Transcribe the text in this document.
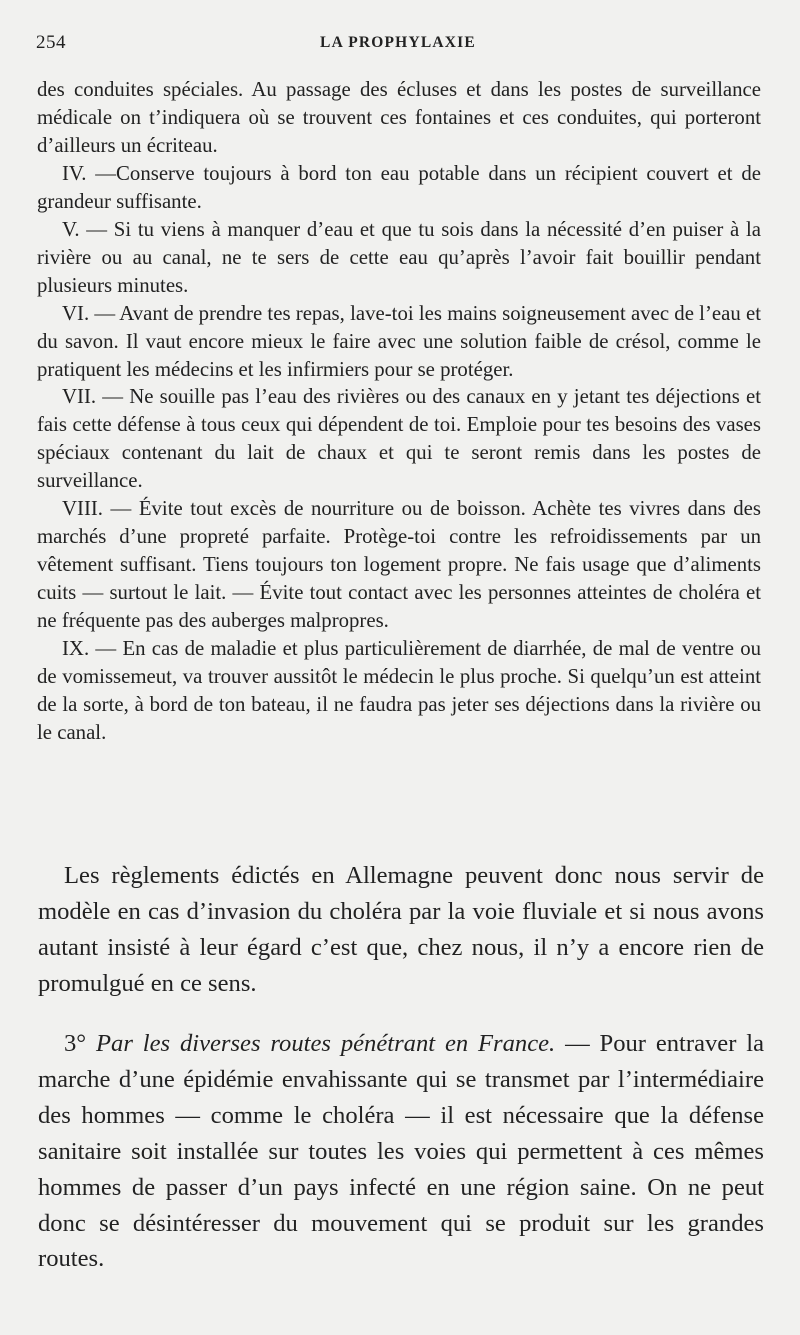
254	LA PROPHYLAXIE

des conduites spéciales. Au passage des écluses et dans les postes de surveillance médicale on t’indiquera où se trouvent ces fontaines et ces conduites, qui porteront d’ailleurs un écriteau.

IV. —Conserve toujours à bord ton eau potable dans un récipient couvert et de grandeur suffisante.

V. — Si tu viens à manquer d’eau et que tu sois dans la nécessité d’en puiser à la rivière ou au canal, ne te sers de cette eau qu’après l’avoir fait bouillir pendant plusieurs minutes.

VI. — Avant de prendre tes repas, lave-toi les mains soigneusement avec de l’eau et du savon. Il vaut encore mieux le faire avec une solution faible de crésol, comme le pratiquent les médecins et les infirmiers pour se protéger.

VII. — Ne souille pas l’eau des rivières ou des canaux en y jetant tes déjections et fais cette défense à tous ceux qui dépendent de toi. Emploie pour tes besoins des vases spéciaux contenant du lait de chaux et qui te seront remis dans les postes de surveillance.

VIII. — Évite tout excès de nourriture ou de boisson. Achète tes vivres dans des marchés d’une propreté parfaite. Protège-toi contre les refroidissements par un vêtement suffisant. Tiens toujours ton logement propre. Ne fais usage que d’aliments cuits — surtout le lait. — Évite tout contact avec les personnes atteintes de choléra et ne fréquente pas des auberges malpropres.

IX. — En cas de maladie et plus particulièrement de diarrhée, de mal de ventre ou de vomissemeut, va trouver aussitôt le médecin le plus proche. Si quelqu’un est atteint de la sorte, à bord de ton bateau, il ne faudra pas jeter ses déjections dans la rivière ou le canal.

Les règlements édictés en Allemagne peuvent donc nous servir de modèle en cas d’invasion du choléra par la voie fluviale et si nous avons autant insisté à leur égard c’est que, chez nous, il n’y a encore rien de promulgué en ce sens.

3° Par les diverses routes pénétrant en France. — Pour entraver la marche d’une épidémie envahissante qui se transmet par l’intermédiaire des hommes — comme le choléra — il est nécessaire que la défense sanitaire soit installée sur toutes les voies qui permettent à ces mêmes hommes de passer d’un pays infecté en une région saine. On ne peut donc se désintéresser du mouvement qui se produit sur les grandes routes.
